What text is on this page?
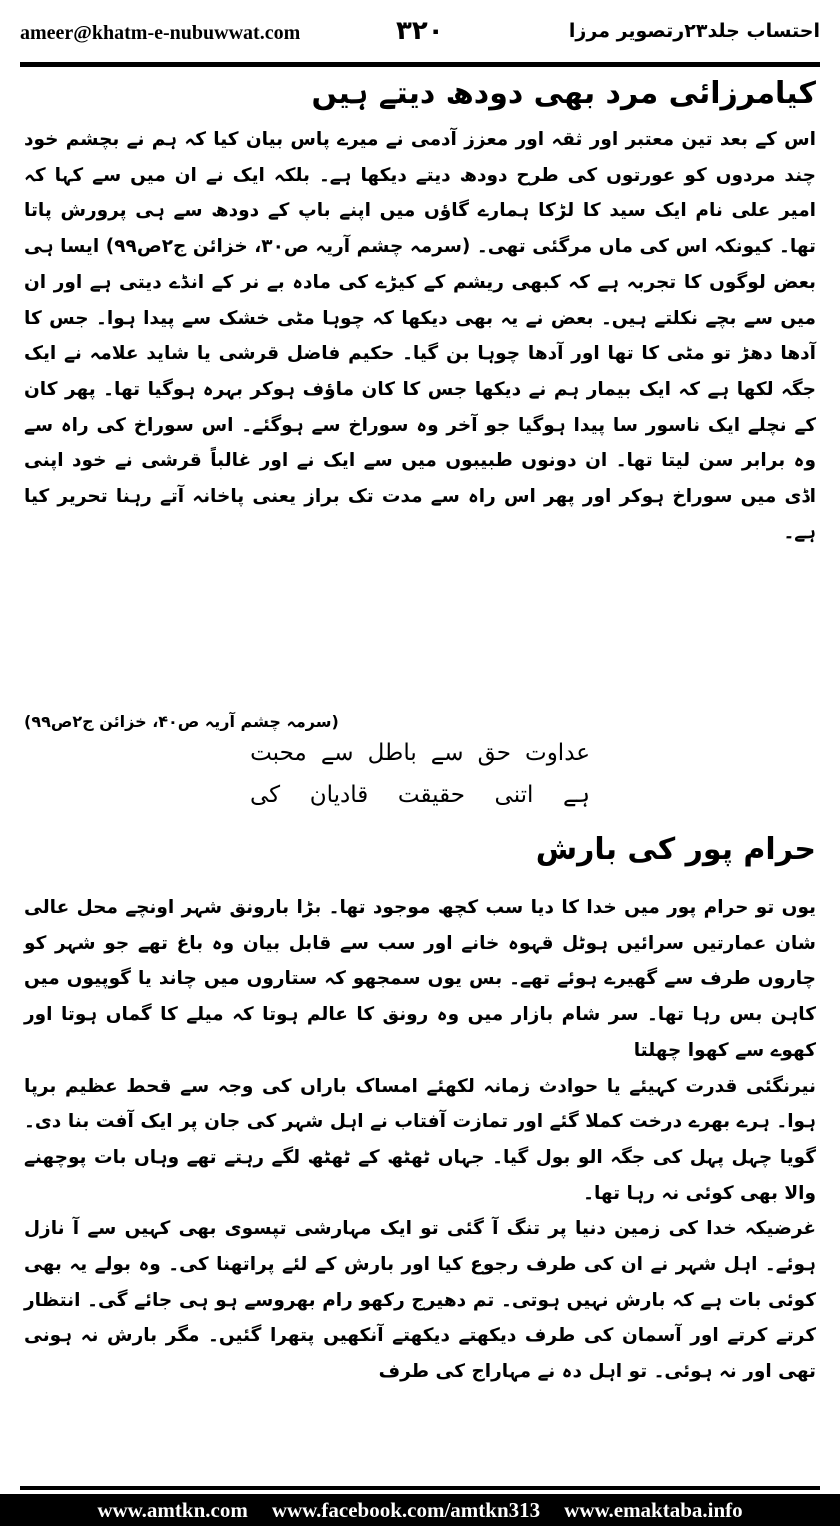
ameer@khatm-e-nubuwwat.com	۳۲۰	احتساب جلد۲۳رتصویر مرزا
کیامرزائی مرد بھی دودھ دیتے ہیں

اس کے بعد تین معتبر اور ثقہ اور معزز آدمی نے میرے پاس بیان کیا کہ ہم نے بچشم خود چند مردوں کو عورتوں کی طرح دودھ دیتے دیکھا ہے۔ بلکہ ایک نے ان میں سے کہا کہ امیر علی نام ایک سید کا لڑکا ہمارے گاؤں میں اپنے باپ کے دودھ سے ہی پرورش پاتا تھا۔ کیونکہ اس کی ماں مرگئی تھی۔ (سرمہ چشم آریہ ص۳۰، خزائن ج۲ص۹۹) ایسا ہی بعض لوگوں کا تجربہ ہے کہ کبھی ریشم کے کیڑے کی مادہ بے نر کے انڈے دیتی ہے اور ان میں سے بچے نکلتے ہیں۔ بعض نے یہ بھی دیکھا کہ چوہا مٹی خشک سے پیدا ہوا۔ جس کا آدھا دھڑ تو مٹی کا تھا اور آدھا چوہا بن گیا۔ حکیم فاضل قرشی یا شاید علامہ نے ایک جگہ لکھا ہے کہ ایک بیمار ہم نے دیکھا جس کا کان ماؤف ہوکر بہرہ ہوگیا تھا۔ پھر کان کے نچلے ایک ناسور سا پیدا ہوگیا جو آخر وہ سوراخ سے ہوگئے۔ اس سوراخ کی راہ سے وہ برابر سن لیتا تھا۔ ان دونوں طبیبوں میں سے ایک نے اور غالباً قرشی نے خود اپنی اڈی میں سوراخ ہوکر اور پھر اس راہ سے مدت تک براز یعنی پاخانہ آتے رہنا تحریر کیا ہے۔

(سرمہ چشم آریہ ص۴۰، خزائن ج۲ص۹۹)
عداوت
حق
سے
باطل
سے
محبت
ہے
اتنی
حقیقت
قادیان
کی
حرام پور کی بارش

یوں تو حرام پور میں خدا کا دیا سب کچھ موجود تھا۔ بڑا بارونق شہر اونچے محل عالی شان عمارتیں سرائیں ہوٹل قہوہ خانے اور سب سے قابل بیان وہ باغ تھے جو شہر کو چاروں طرف سے گھیرے ہوئے تھے۔ بس یوں سمجھو کہ ستاروں میں چاند یا گوپیوں میں کاہن بس رہا تھا۔ سر شام بازار میں وہ رونق کا عالم ہوتا کہ میلے کا گماں ہوتا اور کھوے سے کھوا چھلتا

نیرنگئی قدرت کہیئے یا حوادث زمانہ لکھئے امساک باراں کی وجہ سے قحط عظیم برپا ہوا۔ ہرے بھرے درخت کملا گئے اور تمازت آفتاب نے اہل شہر کی جان پر ایک آفت بنا دی۔ گویا چہل پہل کی جگہ الو بول گیا۔ جہاں ٹھٹھ کے ٹھٹھ لگے رہتے تھے وہاں بات پوچھنے والا بھی کوئی نہ رہا تھا۔

غرضیکہ خدا کی زمین دنیا پر تنگ آ گئی تو ایک مہارشی تپسوی بھی کہیں سے آ نازل ہوئے۔ اہل شہر نے ان کی طرف رجوع کیا اور بارش کے لئے پراتھنا کی۔ وہ بولے یہ بھی کوئی بات ہے کہ بارش نہیں ہوتی۔ تم دھیرج رکھو رام بھروسے ہو ہی جائے گی۔ انتظار کرتے کرتے اور آسمان کی طرف دیکھتے دیکھتے آنکھیں پتھرا گئیں۔ مگر بارش نہ ہونی تھی اور نہ ہوئی۔ تو اہل دہ نے مہاراج کی طرف

www.amtkn.com www.facebook.com/amtkn313 www.emaktaba.info
